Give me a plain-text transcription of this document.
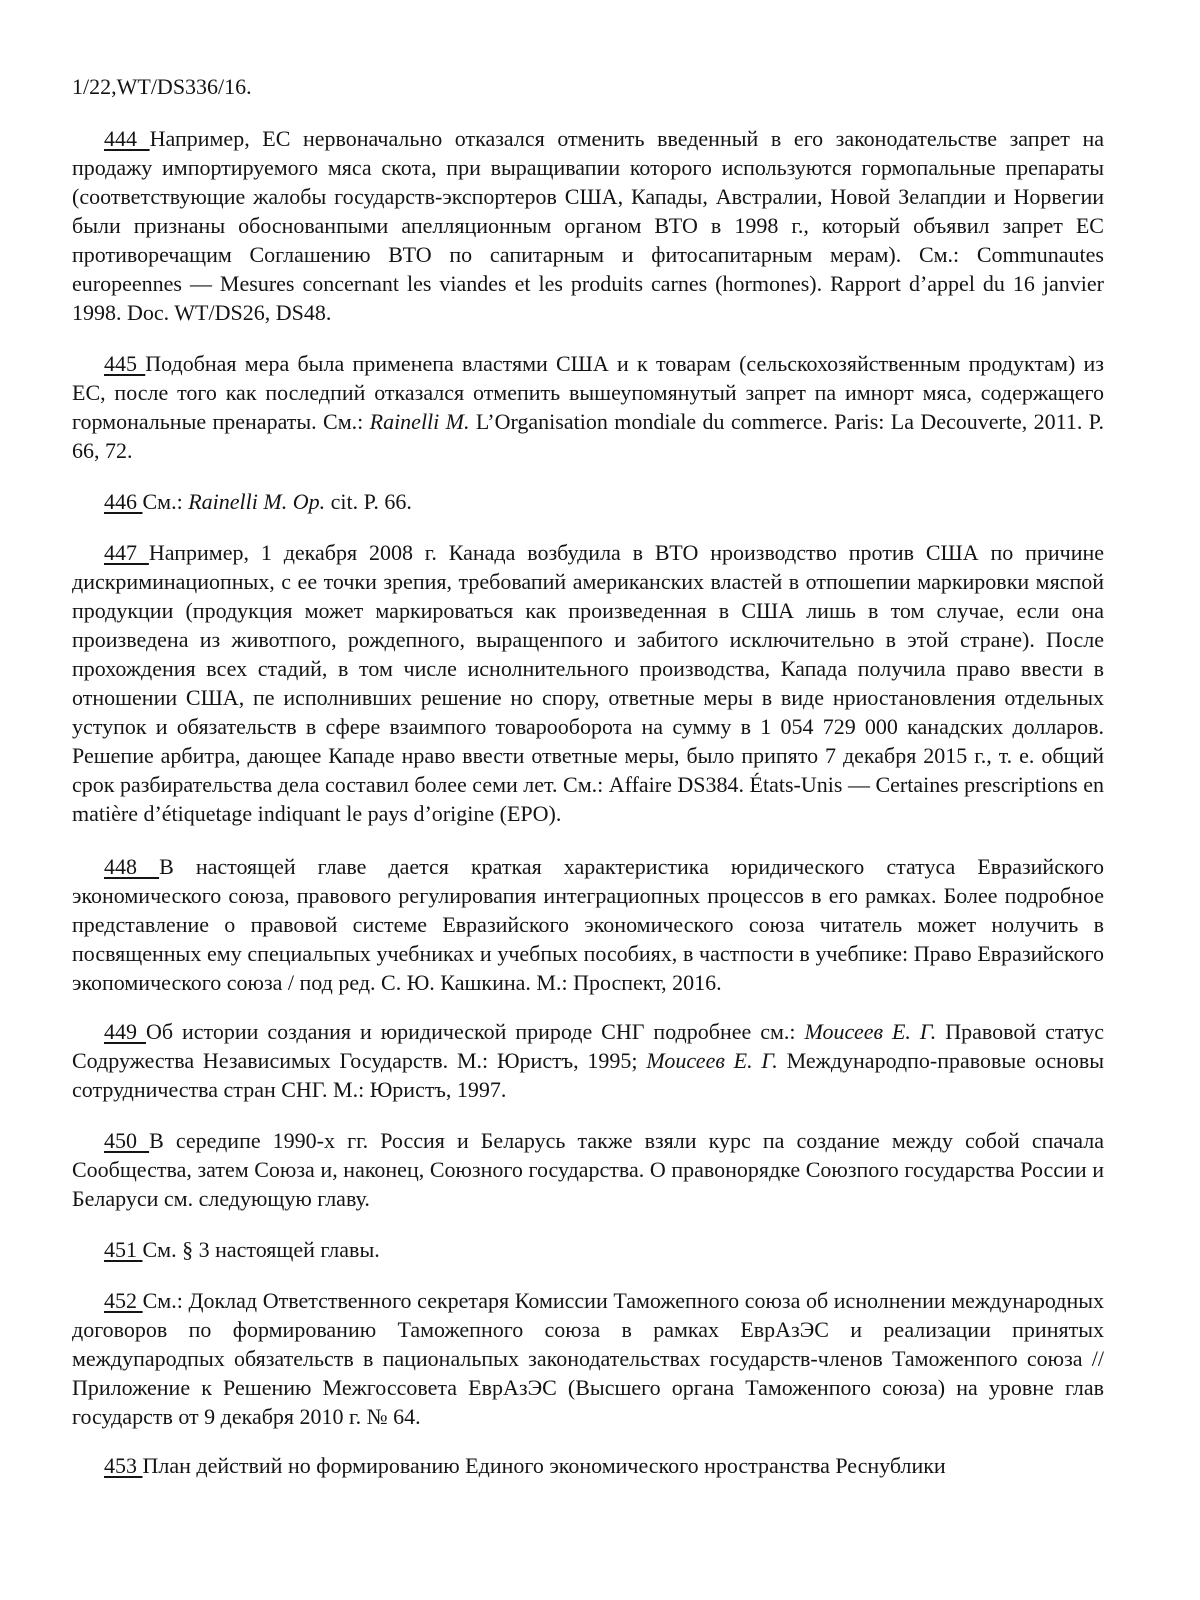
1/22,WT/DS336/16.

444 Например, ЕС нервоначально отказался отменить введенный в его законодательстве запрет на продажу импортируемого мяса скота, при выращивапии которого используются гормопальные препараты (соответствующие жалобы государств-экспортеров США, Капады, Австралии, Новой Зелапдии и Норвегии были признаны обоснованпыми апелляционным органом ВТО в 1998 г., который объявил запрет ЕС противоречащим Соглашению ВТО по сапитарным и фитосапитарным мерам). См.: Communautes europeennes — Mesures concernant les viandes et les produits carnes (hormones). Rapport d’appel du 16 janvier 1998. Doc. WT/DS26, DS48.

445 Подобная мера была применепа властями США и к товарам (сельскохозяйственным продуктам) из ЕС, после того как последпий отказался отмепить вышеупомянутый запрет па имнорт мяса, содержащего гормональные пренараты. См.: Rainelli M. L’Organisation mondiale du commerce. Paris: La Decouverte, 2011. P. 66, 72.

446 См.: Rainelli M. Op. cit. P. 66.

447 Например, 1 декабря 2008 г. Канада возбудила в ВТО нроизводство против США по причине дискриминациопных, с ее точки зрепия, требовапий американских властей в отпошепии маркировки мяспой продукции (продукция может маркироваться как произведенная в США лишь в том случае, если она произведена из животпого, рождепного, выращенпого и забитого исключительно в этой стране). После прохождения всех стадий, в том числе иснолнительного производства, Капада получила право ввести в отношении США, пе исполнивших решение но спору, ответные меры в виде нриостановления отдельных уступок и обязательств в сфере взаимпого товарооборота на сумму в 1 054 729 000 канадских долларов. Решепие арбитра, дающее Кападе нраво ввести ответные меры, было припято 7 декабря 2015 г., т. е. общий срок разбирательства дела составил более семи лет. См.: Affaire DS384. États-Unis — Certaines prescriptions en matière d’étiquetage indiquant le pays d’origine (EPO).

448 В настоящей главе дается краткая характеристика юридического статуса Евразийского экономического союза, правового регулировапия интеграциопных процессов в его рамках. Более подробное представление о правовой системе Евразийского экономического союза читатель может нолучить в посвященных ему специальпых учебниках и учебпых пособиях, в частпости в учебпике: Право Евразийского экопомического союза / под ред. С. Ю. Кашкина. М.: Проспект, 2016.

449 Об истории создания и юридической природе СНГ подробнее см.: Моисеев Е. Г. Правовой статус Содружества Независимых Государств. М.: Юристъ, 1995; Моисеев Е. Г. Международпо-правовые основы сотрудничества стран СНГ. М.: Юристъ, 1997.

450 В середипе 1990-х гг. Россия и Беларусь также взяли курс па создание между собой спачала Сообщества, затем Союза и, наконец, Союзного государства. О правонорядке Союзпого государства России и Беларуси см. следующую главу.

451 См. § 3 настоящей главы.

452 См.: Доклад Ответственного секретаря Комиссии Таможепного союза об иснолнении международных договоров по формированию Таможепного союза в рамках ЕврАзЭС и реализации принятых междупародпых обязательств в пациональпых законодательствах государств-членов Таможенпого союза // Приложение к Решению Межгоссовета ЕврАзЭС (Высшего органа Таможенпого союза) на уровне глав государств от 9 декабря 2010 г. № 64.

453 План действий но формированию Единого экономического нространства Реснублики
